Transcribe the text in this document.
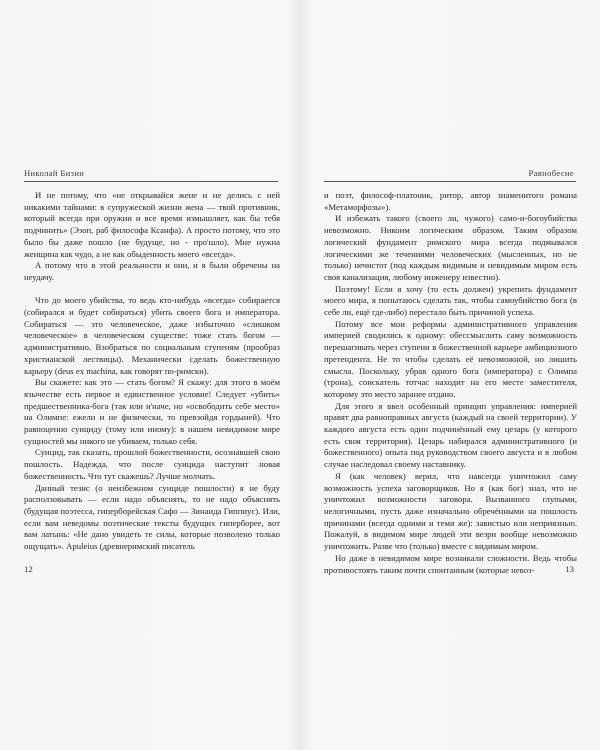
Николай Бизин

И не потому, что «не открывайся жене и не делись с ней никакими тайнами: в супружеской жизни жена — твой противник, который всегда при оружии и все время измышляет, как бы тебя подчинить» (Эзоп, раб философа Ксанфа). А просто потому, что это было бы даже пошло (не будуще, но - про'шло). Мне нужна женщина как чудо, а не как обыденность моего «всегда».

А потому что в этой реальности и они, и я были обречены на неудачу.

Что до моего убийства, то ведь кто-нибудь «всегда» собирается (собирался и будет собираться) убить своего бога и императора. Собираться — это человеческое, даже избыточно «слишком человеческое» в человеческом существе: тоже стать богом — административно. Взобраться по социальным ступеням (прообраз христианской лествицы). Механически сделать божественную карьеру (deus ex machina, как говорят по-римски).

Вы скажете: как это — стать богом? Я скажу: для этого в моём язычестве есть первое и единственное условие! Следует «убить» предшественника-бога (так или и'наче, но «освободить себе место» на Олимпе: ежели и не физически, то превзойдя гордыней). Что равноценно суициду (тому или иному): в нашем невидимом мире сущностей мы никого не убиваем, только себя.

Суицид, так сказать, прошлой божественности, осознавшей свою пошлость. Надежда, что после суицида наступит новая божественность. Что тут скажешь? Лучше молчать.

Данный тезис (о неизбежном суициде пошлости) я не буду расползовывать — если надо объяснять, то не надо объяснять (будущая поэтесса, гиперборейская Сафо — Зинаида Гиппиус). Или, если вам неведомы поэтические тексты будущих гиперборее, вот вам латынь: «Не дано увидеть те силы, которые позволено только ощущать». Apuleius (древнеримский писатель

12
Равнобесие

и поэт, философ-платоник, ритор, автор знаменитого романа «Метаморфозы»).

И избежать такого (своего ли, чужого) само-и-богоубийства невозможно. Никоим логическим образом. Таким образом логический фундамент римского мира всегда подмывался логическими же течениями человеческих (мысленных, но не только) нечистот (под каждым видимым и невидимым миром есть своя канализация, любому инженеру известно).

Поэтому! Если я хочу (то есть должен) укрепить фундамент моего мира, я попытаюсь сделать так, чтобы самоубийство бога (в себе ли, ещё где-либо) перестало быть причиной успеха.

Потому все мои реформы административного управления империей сводились к одному: обессмыслить саму возможность перешагивать через ступени в божественной карьере амбициозного претендента. Не то чтобы сделать её невозможной, но лишить смысла. Поскольку, убрав одного бога (императора) с Олимпа (трона), соискатель тотчас находит на его месте заместителя, которому это место заранее отдано.

Для этого я ввел особенный принцип управления: империей правят два равноправных августа (каждый на своей территории). У каждого августа есть один подчинённый ему цезарь (у которого есть своя территория). Цезарь набирался административного (и божественного) опыта под руководством своего августа и в любом случае наследовал своему наставнику.

Я (как человек) верил, что навсегда уничтожил саму возможность успеха заговорщиков. Но я (как бог) знал, что не уничтожил возможности заговора. Вызванного глупыми, нелогичными, пусть даже изначально обречёнными на пошлость причинами (всегда одними и теми же): завистью или неприязнью. Пожалуй, в видимом мире людей эти везри вообще невозможно уничтожить. Разве что (только) вместе с видимым миром.

Но даже в невидимом мире возникали сложности. Ведь чтобы противостоять таким почти спонтанным (которые невоз-	13
